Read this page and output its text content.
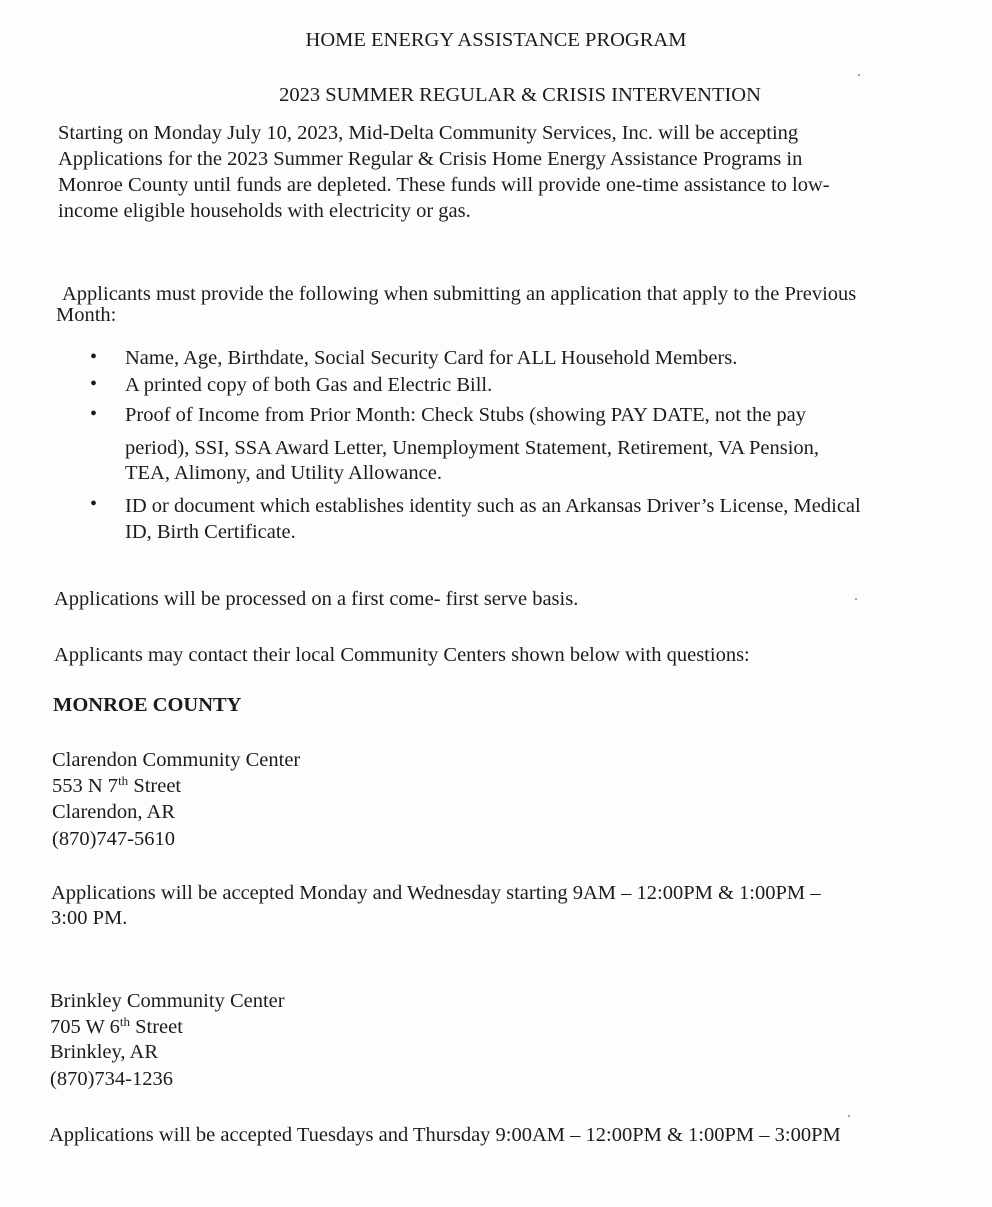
HOME ENERGY ASSISTANCE PROGRAM
2023 SUMMER REGULAR & CRISIS INTERVENTION
Starting on Monday July 10, 2023, Mid-Delta Community Services, Inc. will be accepting
Applications for the 2023 Summer Regular & Crisis Home Energy Assistance Programs in
Monroe County until funds are depleted. These funds will provide one-time assistance to low-
income eligible households with electricity or gas.
Applicants must provide the following when submitting an application that apply to the Previous
Month:
• Name, Age, Birthdate, Social Security Card for ALL Household Members.
• A printed copy of both Gas and Electric Bill.
• Proof of Income from Prior Month: Check Stubs (showing PAY DATE, not the pay
period), SSI, SSA Award Letter, Unemployment Statement, Retirement, VA Pension,
TEA, Alimony, and Utility Allowance.
• ID or document which establishes identity such as an Arkansas Driver’s License, Medical
ID, Birth Certificate.
Applications will be processed on a first come- first serve basis.
Applicants may contact their local Community Centers shown below with questions:
MONROE COUNTY
Clarendon Community Center
553 N 7th Street
Clarendon, AR
(870)747-5610
Applications will be accepted Monday and Wednesday starting 9AM – 12:00PM & 1:00PM –
3:00 PM.
Brinkley Community Center
705 W 6th Street
Brinkley, AR
(870)734-1236
Applications will be accepted Tuesdays and Thursday 9:00AM – 12:00PM & 1:00PM – 3:00PM
